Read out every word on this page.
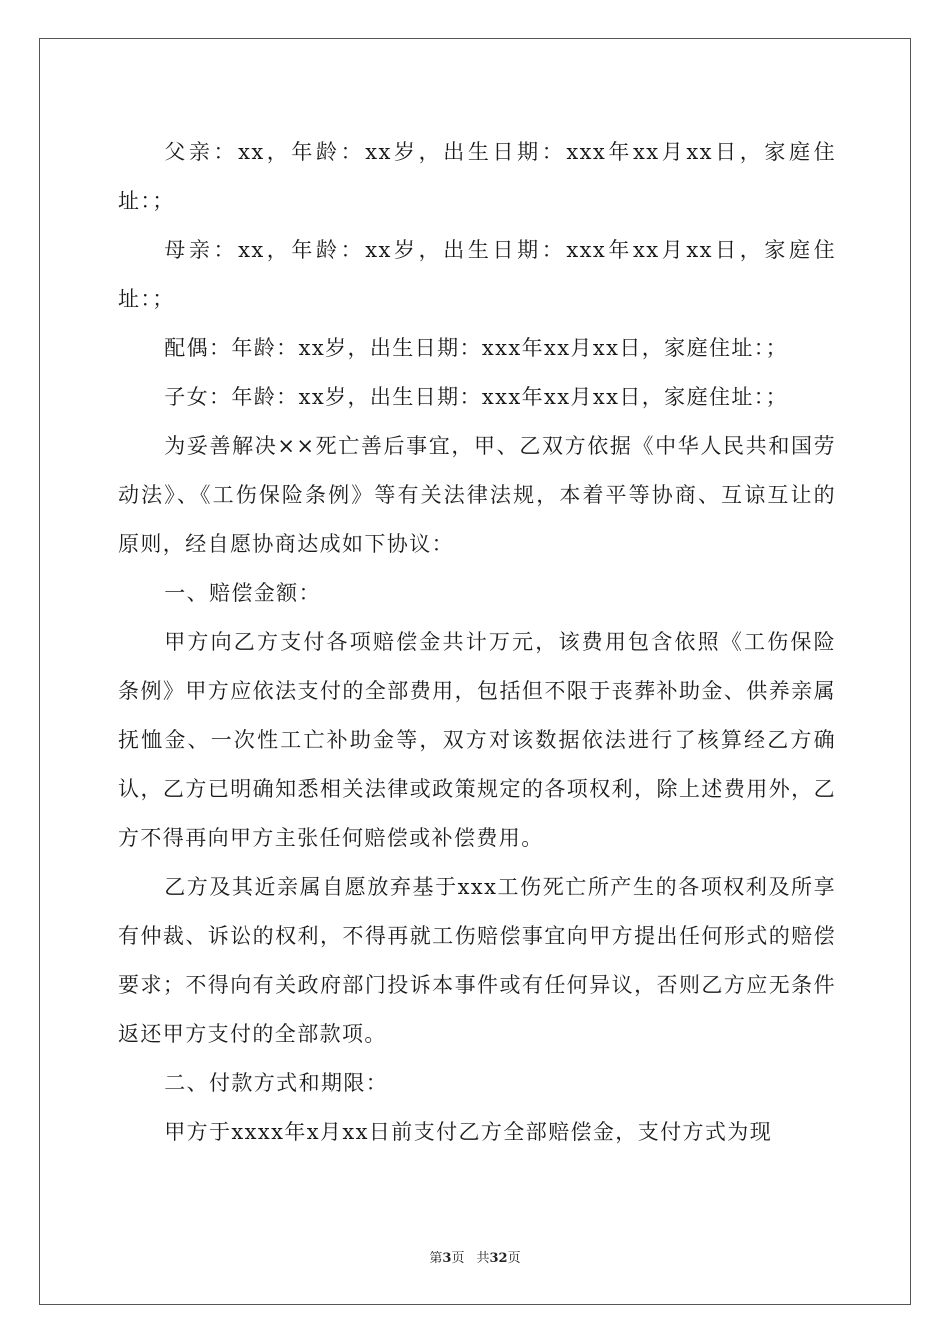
父亲：xx，年龄：xx岁，出生日期：xxx年xx月xx日，家庭住址：；

母亲：xx，年龄：xx岁，出生日期：xxx年xx月xx日，家庭住址：；

配偶：年龄：xx岁，出生日期：xxx年xx月xx日，家庭住址：；

子女：年龄：xx岁，出生日期：xxx年xx月xx日，家庭住址：；

为妥善解决××死亡善后事宜，甲、乙双方依据《中华人民共和国劳动法》、《工伤保险条例》等有关法律法规，本着平等协商、互谅互让的原则，经自愿协商达成如下协议：

一、赔偿金额：

甲方向乙方支付各项赔偿金共计万元，该费用包含依照《工伤保险条例》甲方应依法支付的全部费用，包括但不限于丧葬补助金、供养亲属抚恤金、一次性工亡补助金等，双方对该数据依法进行了核算经乙方确认，乙方已明确知悉相关法律或政策规定的各项权利，除上述费用外，乙方不得再向甲方主张任何赔偿或补偿费用。

乙方及其近亲属自愿放弃基于xxx工伤死亡所产生的各项权利及所享有仲裁、诉讼的权利，不得再就工伤赔偿事宜向甲方提出任何形式的赔偿要求；不得向有关政府部门投诉本事件或有任何异议，否则乙方应无条件返还甲方支付的全部款项。

二、付款方式和期限：

甲方于xxxx年x月xx日前支付乙方全部赔偿金，支付方式为现

第3页 共32页
